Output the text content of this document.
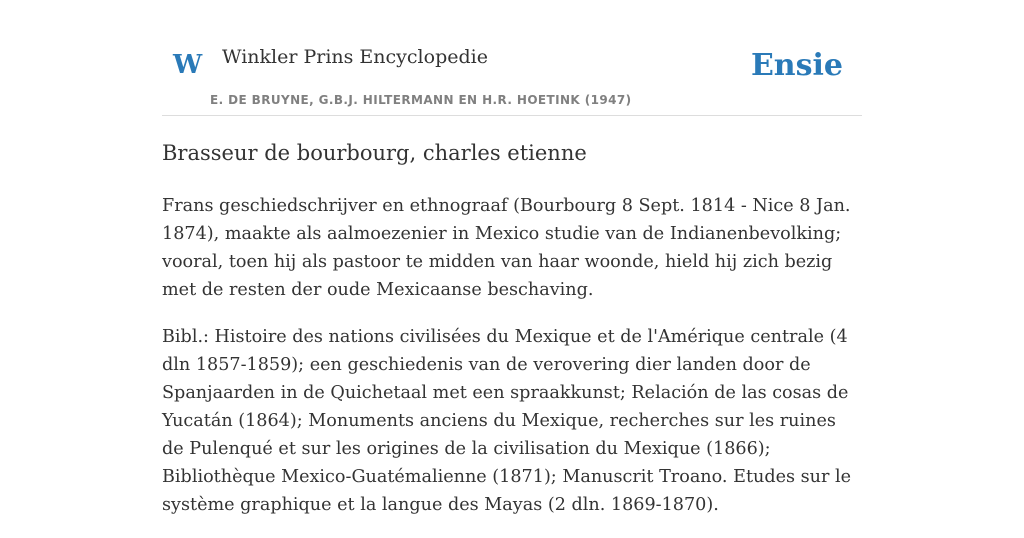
W Winkler Prins Encyclopedie
E. DE BRUYNE, G.B.J. HILTERMANN EN H.R. HOETINK (1947)
Ensie
Brasseur de bourbourg, charles etienne

Frans geschiedschrijver en ethnograaf (Bourbourg 8 Sept. 1814 - Nice 8 Jan. 1874), maakte als aalmoezenier in Mexico studie van de Indianenbevolking; vooral, toen hij als pastoor te midden van haar woonde, hield hij zich bezig met de resten der oude Mexicaanse beschaving.

Bibl.: Histoire des nations civilisées du Mexique et de l'Amérique centrale (4 dln 1857-1859); een geschiedenis van de verovering dier landen door de Spanjaarden in de Quichetaal met een spraakkunst; Relación de las cosas de Yucatán (1864); Monuments anciens du Mexique, recherches sur les ruines de Pulenqué et sur les origines de la civilisation du Mexique (1866); Bibliothèque Mexico-Guatémalienne (1871); Manuscrit Troano. Etudes sur le système graphique et la langue des Mayas (2 dln. 1869-1870).
